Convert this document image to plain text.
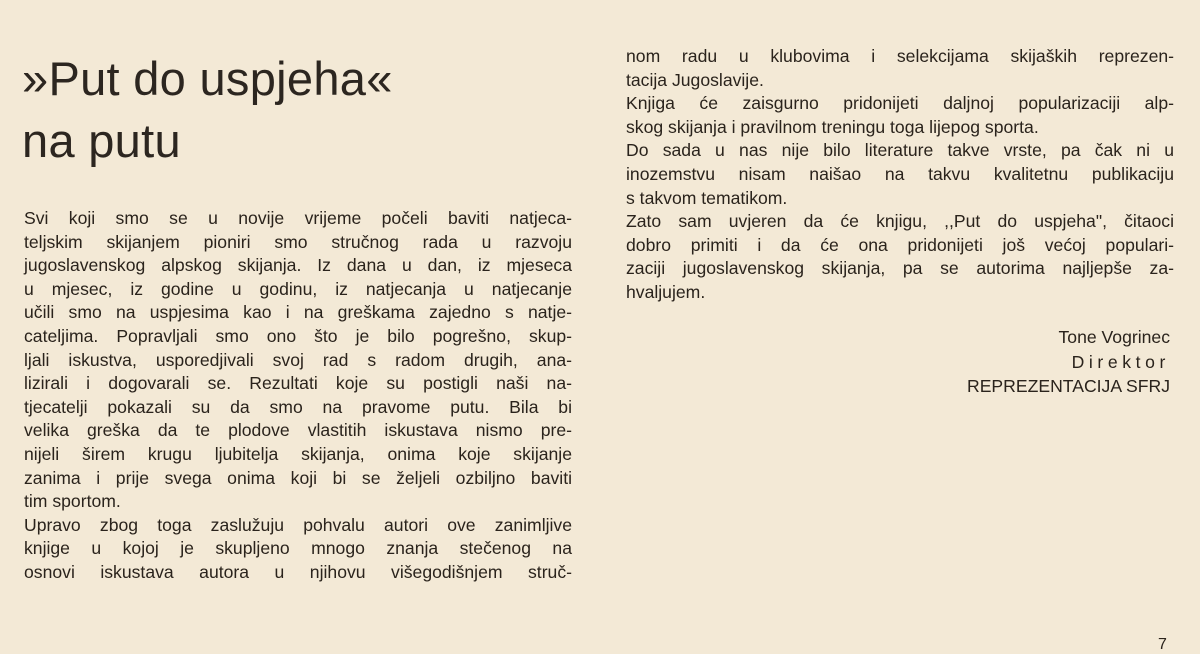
»Put do uspjeha«
na putu

Svi koji smo se u novije vrijeme počeli baviti natjeca-
teljskim skijanjem pioniri smo stručnog rada u razvoju
jugoslavenskog alpskog skijanja. Iz dana u dan, iz mjeseca
u mjesec, iz godine u godinu, iz natjecanja u natjecanje
učili smo na uspjesima kao i na greškama zajedno s natje-
cateljima. Popravljali smo ono što je bilo pogrešno, skup-
ljali iskustva, usporedjivali svoj rad s radom drugih, ana-
lizirali i dogovarali se. Rezultati koje su postigli naši na-
tjecatelji pokazali su da smo na pravome putu. Bila bi
velika greška da te plodove vlastitih iskustava nismo pre-
nijeli širem krugu ljubitelja skijanja, onima koje skijanje
zanima i prije svega onima koji bi se željeli ozbiljno baviti
tim sportom.

Upravo zbog toga zaslužuju pohvalu autori ove zanimljive
knjige u kojoj je skupljeno mnogo znanja stečenog na
osnovi iskustava autora u njihovu višegodišnjem struč-

nom radu u klubovima i selekcijama skijaških reprezen-
tacija Jugoslavije.

Knjiga će zaisgurno pridonijeti daljnoj popularizaciji alp-
skog skijanja i pravilnom treningu toga lijepog sporta.

Do sada u nas nije bilo literature takve vrste, pa čak ni u
inozemstvu nisam naišao na takvu kvalitetnu publikaciju
s takvom tematikom.

Zato sam uvjeren da će knjigu, ,,Put do uspjeha", čitaoci
dobro primiti i da će ona pridonijeti još većoj populari-
zaciji jugoslavenskog skijanja, pa se autorima najljepše za-
hvaljujem.

Tone Vogrinec
Direktor
REPREZENTACIJA SFRJ
7
